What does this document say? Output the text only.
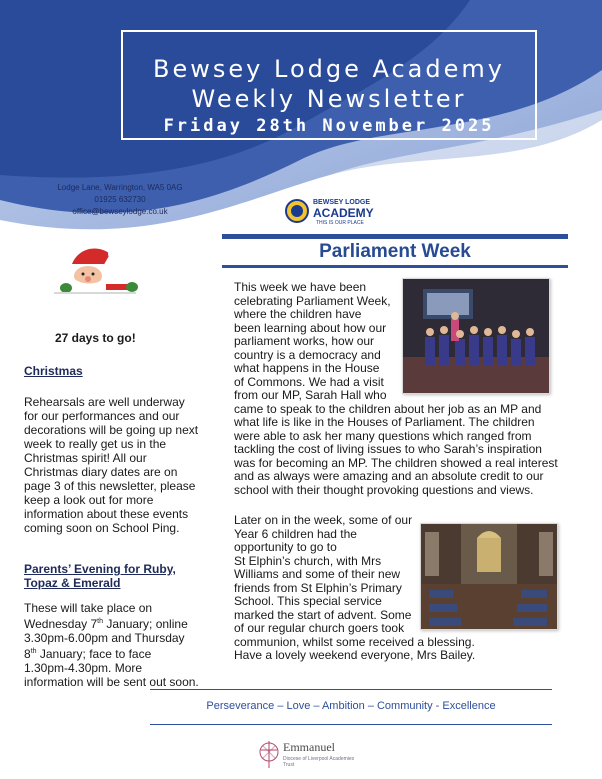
Bewsey Lodge Academy
Weekly Newsletter
Friday 28th November 2025
Lodge Lane, Warrington, WA5 0AG
01925 632730
office@bewseylodge.co.uk
BEWSEY LODGE
ACADEMY
THIS IS OUR PLACE
Parliament Week
27 days to go!
Christmas
Rehearsals are well underway
for our performances and our
decorations will be going up next
week to really get us in the
Christmas spirit! All our
Christmas diary dates are on
page 3 of this newsletter, please
keep a look out for more
information about these events
coming soon on School Ping.
Parents’ Evening for Ruby,
Topaz & Emerald
These will take place on
Wednesday 7th January; online
3.30pm-6.00pm and Thursday
8th January; face to face
1.30pm-4.30pm. More
information will be sent out soon.
This week we have been
celebrating Parliament Week,
where the children have
been learning about how our
parliament works, how our
country is a democracy and
what happens in the House
of Commons. We had a visit
from our MP, Sarah Hall who
came to speak to the children about her job as an MP and
what life is like in the Houses of Parliament. The children
were able to ask her many questions which ranged from
tackling the cost of living issues to who Sarah’s inspiration
was for becoming an MP. The children showed a real interest
and as always were amazing and an absolute credit to our
school with their thought provoking questions and views.
Later on in the week, some of our
Year 6 children had the
opportunity to go to
St Elphin’s church, with Mrs
Williams and some of their new
friends from St Elphin’s Primary
School. This special service
marked the start of advent. Some
of our regular church goers took
communion, whilst some received a blessing.
Have a lovely weekend everyone, Mrs Bailey.
Perseverance – Love – Ambition – Community - Excellence
Emmanuel
Diocese of Liverpool Academies Trust
